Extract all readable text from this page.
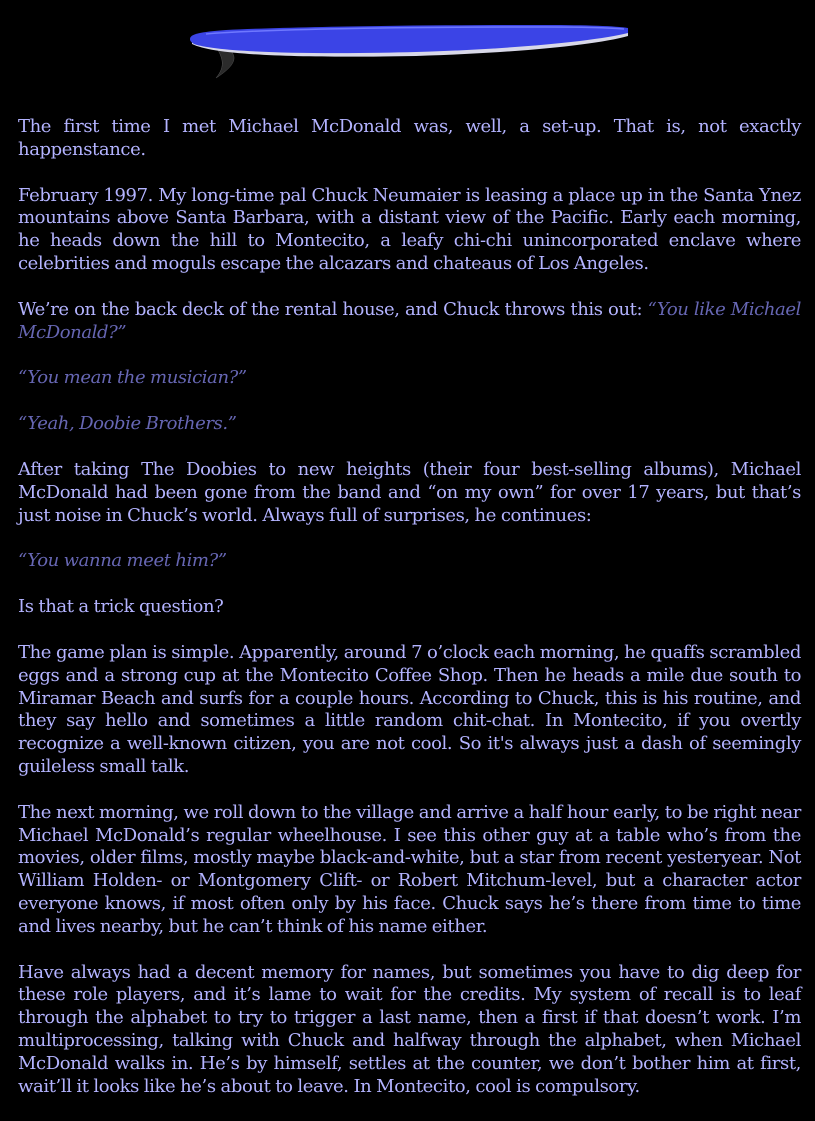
The first time I met Michael McDonald was, well, a set-up. That is, not exactly happenstance.

February 1997. My long-time pal Chuck Neumaier is leasing a place up in the Santa Ynez mountains above Santa Barbara, with a distant view of the Pacific. Early each morning, he heads down the hill to Montecito, a leafy chi-chi unincorporated enclave where celebrities and moguls escape the alcazars and chateaus of Los Angeles.

We’re on the back deck of the rental house, and Chuck throws this out: “You like Michael McDonald?”

“You mean the musician?”

“Yeah, Doobie Brothers.”

After taking The Doobies to new heights (their four best-selling albums), Michael McDonald had been gone from the band and “on my own” for over 17 years, but that’s just noise in Chuck’s world. Always full of surprises, he continues:

“You wanna meet him?”

Is that a trick question?

The game plan is simple. Apparently, around 7 o’clock each morning, he quaffs scrambled eggs and a strong cup at the Montecito Coffee Shop. Then he heads a mile due south to Miramar Beach and surfs for a couple hours. According to Chuck, this is his routine, and they say hello and sometimes a little random chit-chat. In Montecito, if you overtly recognize a well-known citizen, you are not cool. So it's always just a dash of seemingly guileless small talk.

The next morning, we roll down to the village and arrive a half hour early, to be right near Michael McDonald’s regular wheelhouse. I see this other guy at a table who’s from the movies, older films, mostly maybe black-and-white, but a star from recent yesteryear. Not William Holden- or Montgomery Clift- or Robert Mitchum-level, but a character actor everyone knows, if most often only by his face. Chuck says he’s there from time to time and lives nearby, but he can’t think of his name either.

Have always had a decent memory for names, but sometimes you have to dig deep for these role players, and it’s lame to wait for the credits. My system of recall is to leaf through the alphabet to try to trigger a last name, then a first if that doesn’t work. I’m multiprocessing, talking with Chuck and halfway through the alphabet, when Michael McDonald walks in. He’s by himself, settles at the counter, we don’t bother him at first, wait’ll it looks like he’s about to leave. In Montecito, cool is compulsory.
